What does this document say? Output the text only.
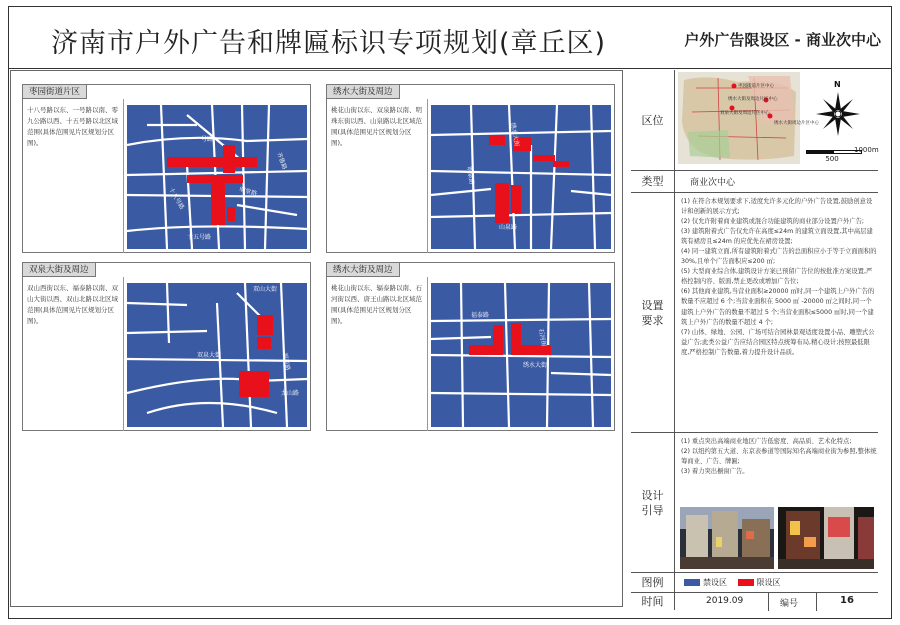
济南市户外广告和牌匾标识专项规划(章丘区)	户外广告限设区 - 商业次中心
枣园街道片区
十八号路以东、一号路以南、零九公路以西、十五号路以北区域范围(具体范围见片区规划分区图)。	一号路
十八号路	明堂路
齐鲁路
十五号路
绣水大街及周边
桃花山街以东、双泉路以南、明珠东街以西、山泉路以北区域范围(具体范围见片区规划分区图)。	绣水大街
明泉路
山泉路
双泉大街及周边
双山西街以东、福泰路以南、双山大街以西、双山北路以北区域范围(具体范围见片区规划分区图)。
双泉大街
双山大街
福泰路
龙山路
绣水大街及周边
桃花山街以东、辐泰路以南、石河街以西、唐王山路以北区域范围(具体范围见片区规划分区图)。
福泰路
绣水大街
石河街
区位
枣园街道片区中心
绣水大街及周边片区中心
双泉大街及周边片区中心
绣水大街周边片区中心
N
500
1000m
类型	商业次中心
设置
要求
(1) 在符合本规划要求下,适度允许多元化的户外广告设置,鼓励创意设计和创新的展示方式;
(2) 仅允许附着商业建筑或混合功能建筑的商业部分设置户外广告;
(3) 建筑附着式广告仅允许在高度≤24m 的建筑立面设置,其中高层建筑有裙房且≤24m 的应优先在裙房设置;
(4) 同一建筑立面,所有建筑附着式广告的总面积应小于等于立面面积的 30%,且单个广告面积应≤200 ㎡;
(5) 大型商业综合体,建筑设计方案已预留广告位的按批准方案设置,严格控制内容、版面,禁止更改或增加广告位;
(6) 其他商业建筑,当营业面积≥20000 ㎡时,同一个建筑上户外广告的数量不应超过 6 个;当营业面积在 5000 ㎡ -20000 ㎡之间时,同一个建筑上户外广告的数量不超过 5 个;当营业面积≤5000 ㎡时,同一个建筑上户外广告的数量不超过 4 个;
(7) 山体、绿地、公园、广场可结合园林景观适度设置小品、雕塑式公益广告;此类公益广告应结合园区特点统筹布局,精心设计;按照最低限度,严格控制广告数量,着力提升设计品质。
设计
引导
(1) 重点突出高端商业地区广告低密度、高品质、艺术化特点;
(2) 以纽约第五大道、东京表参道等国际知名高端商业街为参照,整体统筹商业、广告、牌匾;
(3) 着力突出橱窗广告。
图例	禁设区	限设区
时间	2019.09	编号	16
